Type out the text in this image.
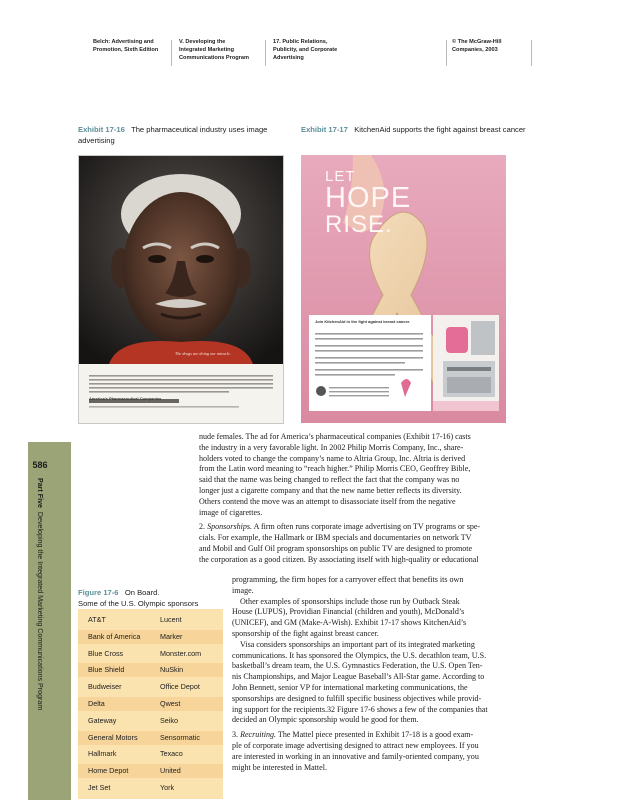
Belch: Advertising and
Promotion, Sixth Edition
V. Developing the
Integrated Marketing
Communications Program
17. Public Relations,
Publicity, and Corporate
Advertising
© The McGraw-Hill
Companies, 2003
586
Part Five  Developing the Integrated Marketing Communications Program
Exhibit 17-16 The pharmaceutical industry uses image advertising
Exhibit 17-17 KitchenAid supports the fight against breast cancer
The drugs are doing our miracle.
America's Pharmaceutical Companies
LET
HOPE
RISE.
Join KitchenAid in the fight against breast cancer.

nude females. The ad for America’s pharmaceutical companies (Exhibit 17-16) casts
the industry in a very favorable light. In 2002 Philip Morris Company, Inc., share-
holders voted to change the company’s name to Altria Group, Inc. Altria is derived
from the Latin word meaning to “reach higher.” Philip Morris CEO, Geoffrey Bible,
said that the name was being changed to reflect the fact that the company was no
longer just a cigarette company and that the new name better reflects its diversity.
Others contend the move was an attempt to disassociate itself from the negative
image of cigarettes.

2. Sponsorships. A firm often runs corporate image advertising on TV programs or spe-
cials. For example, the Hallmark or IBM specials and documentaries on network TV
and Mobil and Gulf Oil program sponsorships on public TV are designed to promote
the corporation as a good citizen. By associating itself with high-quality or educational

programming, the firm hopes for a carryover effect that benefits its own
image.

Other examples of sponsorships include those run by Outback Steak
House (LUPUS), Providian Financial (children and youth), McDonald’s
(UNICEF), and GM (Make-A-Wish). Exhibit 17-17 shows KitchenAid’s
sponsorship of the fight against breast cancer.

Visa considers sponsorships an important part of its integrated marketing
communications. It has sponsored the Olympics, the U.S. decathlon team, U.S.
basketball’s dream team, the U.S. Gymnastics Federation, the U.S. Open Ten-
nis Championships, and Major League Baseball’s All-Star game. According to
John Bennett, senior VP for international marketing communications, the
sponsorships are designed to fulfill specific business objectives while provid-
ing support for the recipients.32 Figure 17-6 shows a few of the companies that
decided an Olympic sponsorship would be good for them.

3. Recruiting. The Mattel piece presented in Exhibit 17-18 is a good exam-
ple of corporate image advertising designed to attract new employees. If you
are interested in working in an innovative and family-oriented company, you
might be interested in Mattel.

Figure 17-6 On Board.
Some of the U.S. Olympic sponsors
AT&T	Lucent
Bank of America	Marker
Blue Cross	Monster.com
Blue Shield	NuSkin
Budweiser	Office Depot
Delta	Qwest
Gateway	Seiko
General Motors	Sensormatic
Hallmark	Texaco
Home Depot	United
Jet Set	York
